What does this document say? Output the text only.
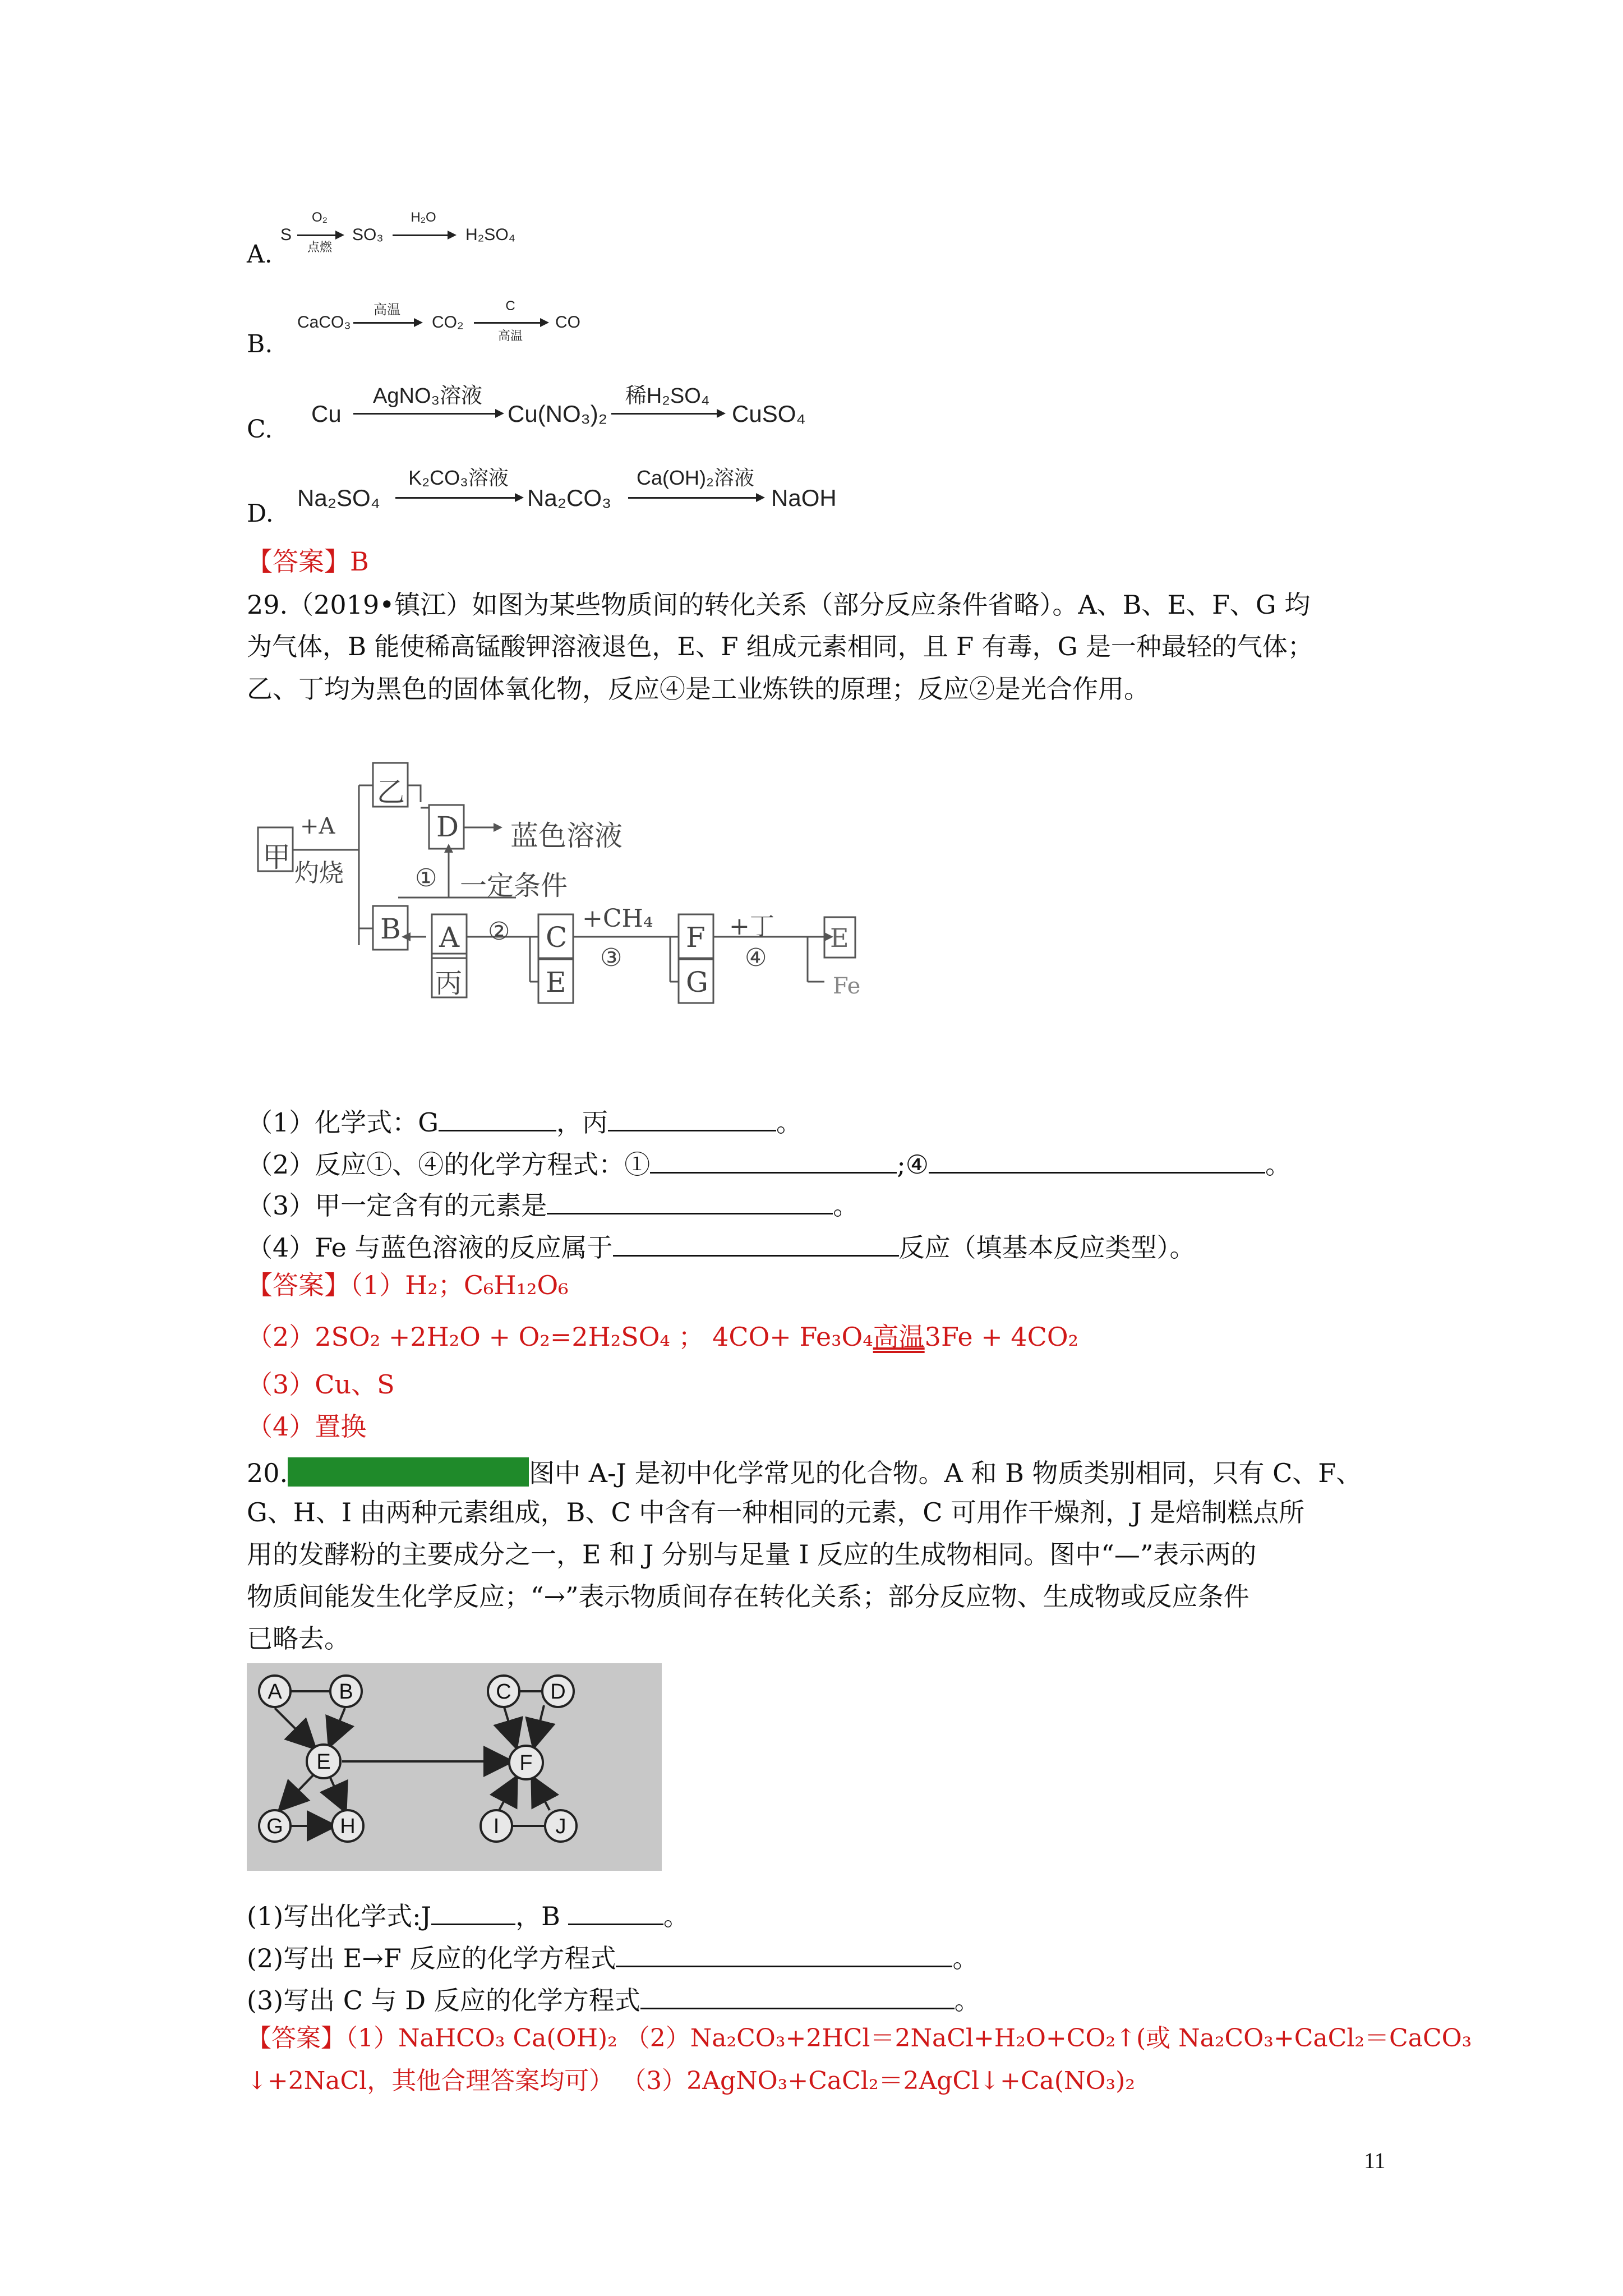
A.
S
O₂
点燃
SO₃
H₂O
H₂SO₄
B.
CaCO₃
高温
CO₂
C
高温
CO
C.
Cu
AgNO₃溶液
Cu(NO₃)₂
稀H₂SO₄
CuSO₄
D.
Na₂SO₄
K₂CO₃溶液
Na₂CO₃
Ca(OH)₂溶液
NaOH
【答案】B
29.（2019•镇江）如图为某些物质间的转化关系（部分反应条件省略）。A、B、E、F、G 均
为气体，B 能使稀高锰酸钾溶液退色，E、F 组成元素相同，且 F 有毒，G 是一种最轻的气体；
乙、丁均为黑色的固体氧化物，反应④是工业炼铁的原理；反应②是光合作用。
甲
+A
灼烧
乙
D 蓝色溶液
① 一定条件
B A
丙
② C
E
+CH₄
③
F
G
+丁
④
E
Fe
（1）化学式：G	，丙	。
（2）反应①、④的化学方程式：①	;④	。
（3）甲一定含有的元素是	。
（4）Fe 与蓝色溶液的反应属于	反应（填基本反应类型）。
【答案】（1）H₂；C₆H₁₂O₆
（2）2SO₂ +2H₂O + O₂=2H₂SO₄ ； 4CO+ Fe₃O₄高温3Fe + 4CO₂
（3）Cu、S
（4）置换
20.	图中 A-J 是初中化学常见的化合物。A 和 B 物质类别相同，只有 C、F、
G、H、I 由两种元素组成，B、C 中含有一种相同的元素，C 可用作干燥剂，J 是焙制糕点所
用的发酵粉的主要成分之一，E 和 J 分别与足量 I 反应的生成物相同。图中“—”表示两的
物质间能发生化学反应；“→”表示物质间存在转化关系；部分反应物、生成物或反应条件
已略去。
A	B	C D
E	F
G	H	I	J
(1)写出化学式:J	，B	。
(2)写出 E→F 反应的化学方程式	。
(3)写出 C 与 D 反应的化学方程式	。
【答案】（1）NaHCO₃ Ca(OH)₂ （2）Na₂CO₃+2HCl＝2NaCl+H₂O+CO₂↑(或 Na₂CO₃+CaCl₂＝CaCO₃
↓+2NaCl，其他合理答案均可） （3）2AgNO₃+CaCl₂＝2AgCl↓+Ca(NO₃)₂
11
